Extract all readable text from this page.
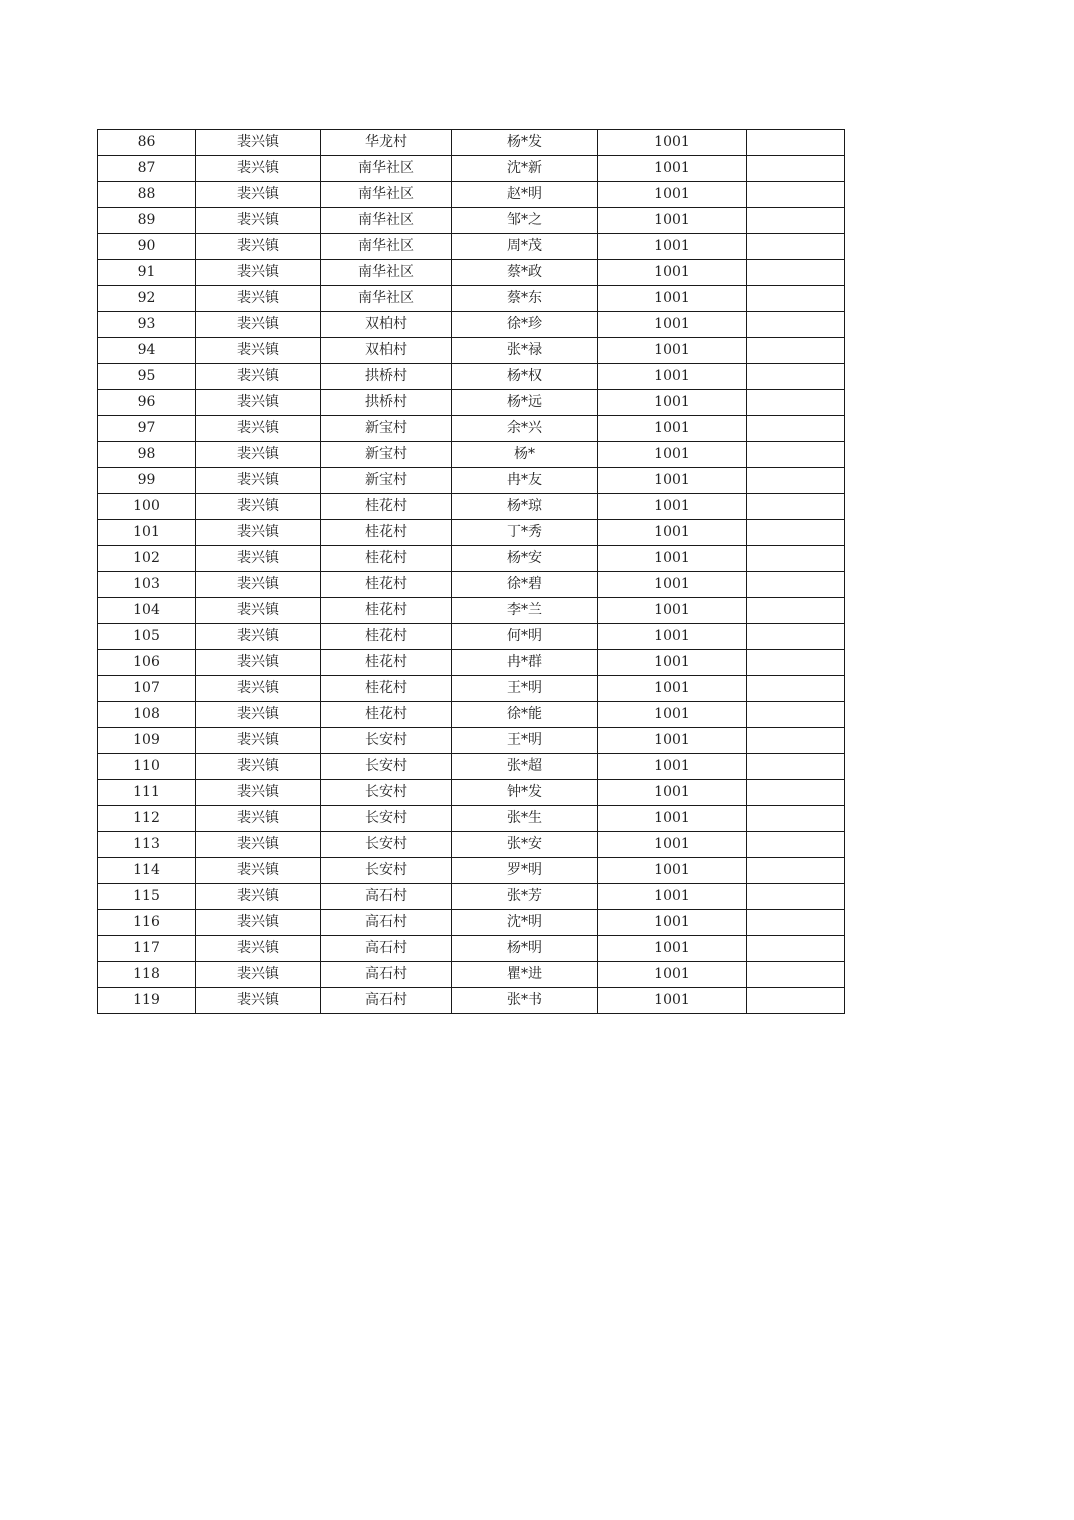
86	裴兴镇	华龙村	杨*发	1001	
87	裴兴镇	南华社区	沈*新	1001	
88	裴兴镇	南华社区	赵*明	1001	
89	裴兴镇	南华社区	邹*之	1001	
90	裴兴镇	南华社区	周*茂	1001	
91	裴兴镇	南华社区	蔡*政	1001	
92	裴兴镇	南华社区	蔡*东	1001	
93	裴兴镇	双柏村	徐*珍	1001	
94	裴兴镇	双柏村	张*禄	1001	
95	裴兴镇	拱桥村	杨*权	1001	
96	裴兴镇	拱桥村	杨*远	1001	
97	裴兴镇	新宝村	余*兴	1001	
98	裴兴镇	新宝村	杨*	1001	
99	裴兴镇	新宝村	冉*友	1001	
100	裴兴镇	桂花村	杨*琼	1001	
101	裴兴镇	桂花村	丁*秀	1001	
102	裴兴镇	桂花村	杨*安	1001	
103	裴兴镇	桂花村	徐*碧	1001	
104	裴兴镇	桂花村	李*兰	1001	
105	裴兴镇	桂花村	何*明	1001	
106	裴兴镇	桂花村	冉*群	1001	
107	裴兴镇	桂花村	王*明	1001	
108	裴兴镇	桂花村	徐*能	1001	
109	裴兴镇	长安村	王*明	1001	
110	裴兴镇	长安村	张*超	1001	
111	裴兴镇	长安村	钟*发	1001	
112	裴兴镇	长安村	张*生	1001	
113	裴兴镇	长安村	张*安	1001	
114	裴兴镇	长安村	罗*明	1001	
115	裴兴镇	高石村	张*芳	1001	
116	裴兴镇	高石村	沈*明	1001	
117	裴兴镇	高石村	杨*明	1001	
118	裴兴镇	高石村	瞿*进	1001	
119	裴兴镇	高石村	张*书	1001	
